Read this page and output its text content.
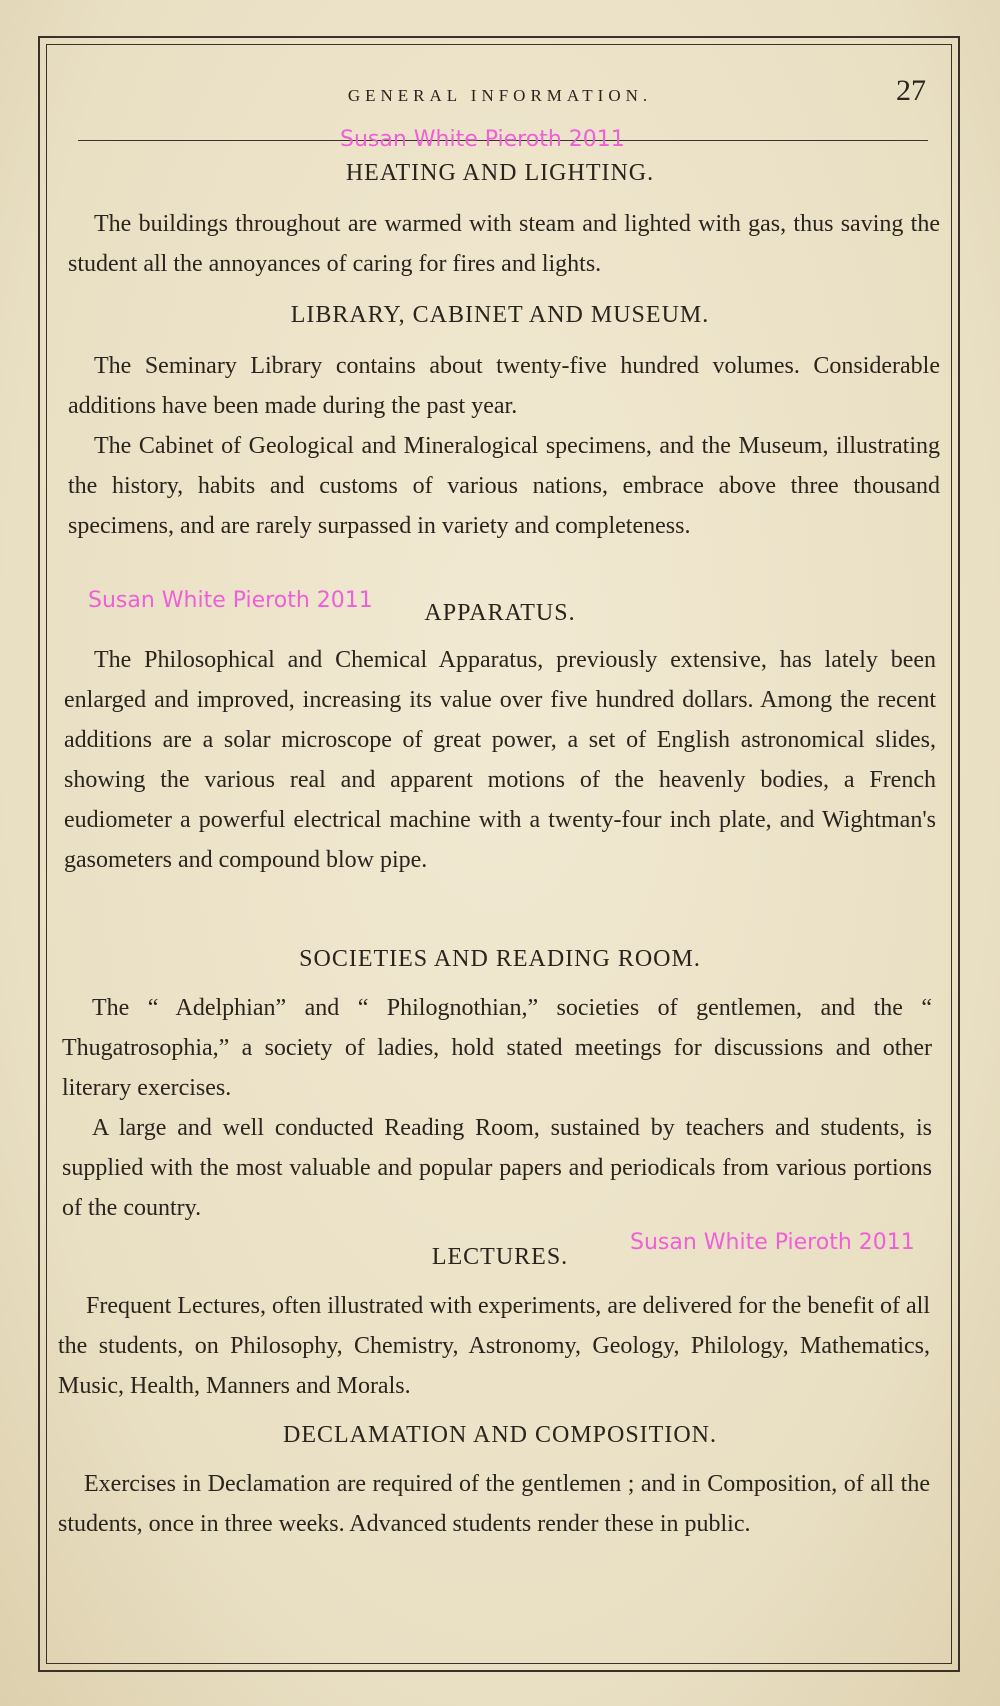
GENERAL INFORMATION.	27
HEATING AND LIGHTING.

The buildings throughout are warmed with steam and lighted with gas, thus saving the student all the annoyances of caring for fires and lights.

LIBRARY, CABINET AND MUSEUM.

The Seminary Library contains about twenty-five hundred volumes. Considerable additions have been made during the past year.

The Cabinet of Geological and Mineralogical specimens, and the Museum, illustrating the history, habits and customs of various nations, embrace above three thousand specimens, and are rarely surpassed in variety and completeness.

APPARATUS.

The Philosophical and Chemical Apparatus, previously extensive, has lately been enlarged and improved, increasing its value over five hundred dollars. Among the recent additions are a solar microscope of great power, a set of English astronomical slides, showing the various real and apparent motions of the heavenly bodies, a French eudiometer a powerful electrical machine with a twenty-four inch plate, and Wightman's gasometers and compound blow pipe.

SOCIETIES AND READING ROOM.

The “ Adelphian” and “ Philognothian,” societies of gentlemen, and the “ Thugatrosophia,” a society of ladies, hold stated meetings for discussions and other literary exercises.

A large and well conducted Reading Room, sustained by teachers and students, is supplied with the most valuable and popular papers and periodicals from various portions of the country.

LECTURES.

Frequent Lectures, often illustrated with experiments, are delivered for the benefit of all the students, on Philosophy, Chemistry, Astronomy, Geology, Philology, Mathematics, Music, Health, Manners and Morals.

DECLAMATION AND COMPOSITION.

Exercises in Declamation are required of the gentlemen ; and in Composition, of all the students, once in three weeks. Advanced students render these in public.

Susan White Pieroth 2011
Susan White Pieroth 2011
Susan White Pieroth 2011
